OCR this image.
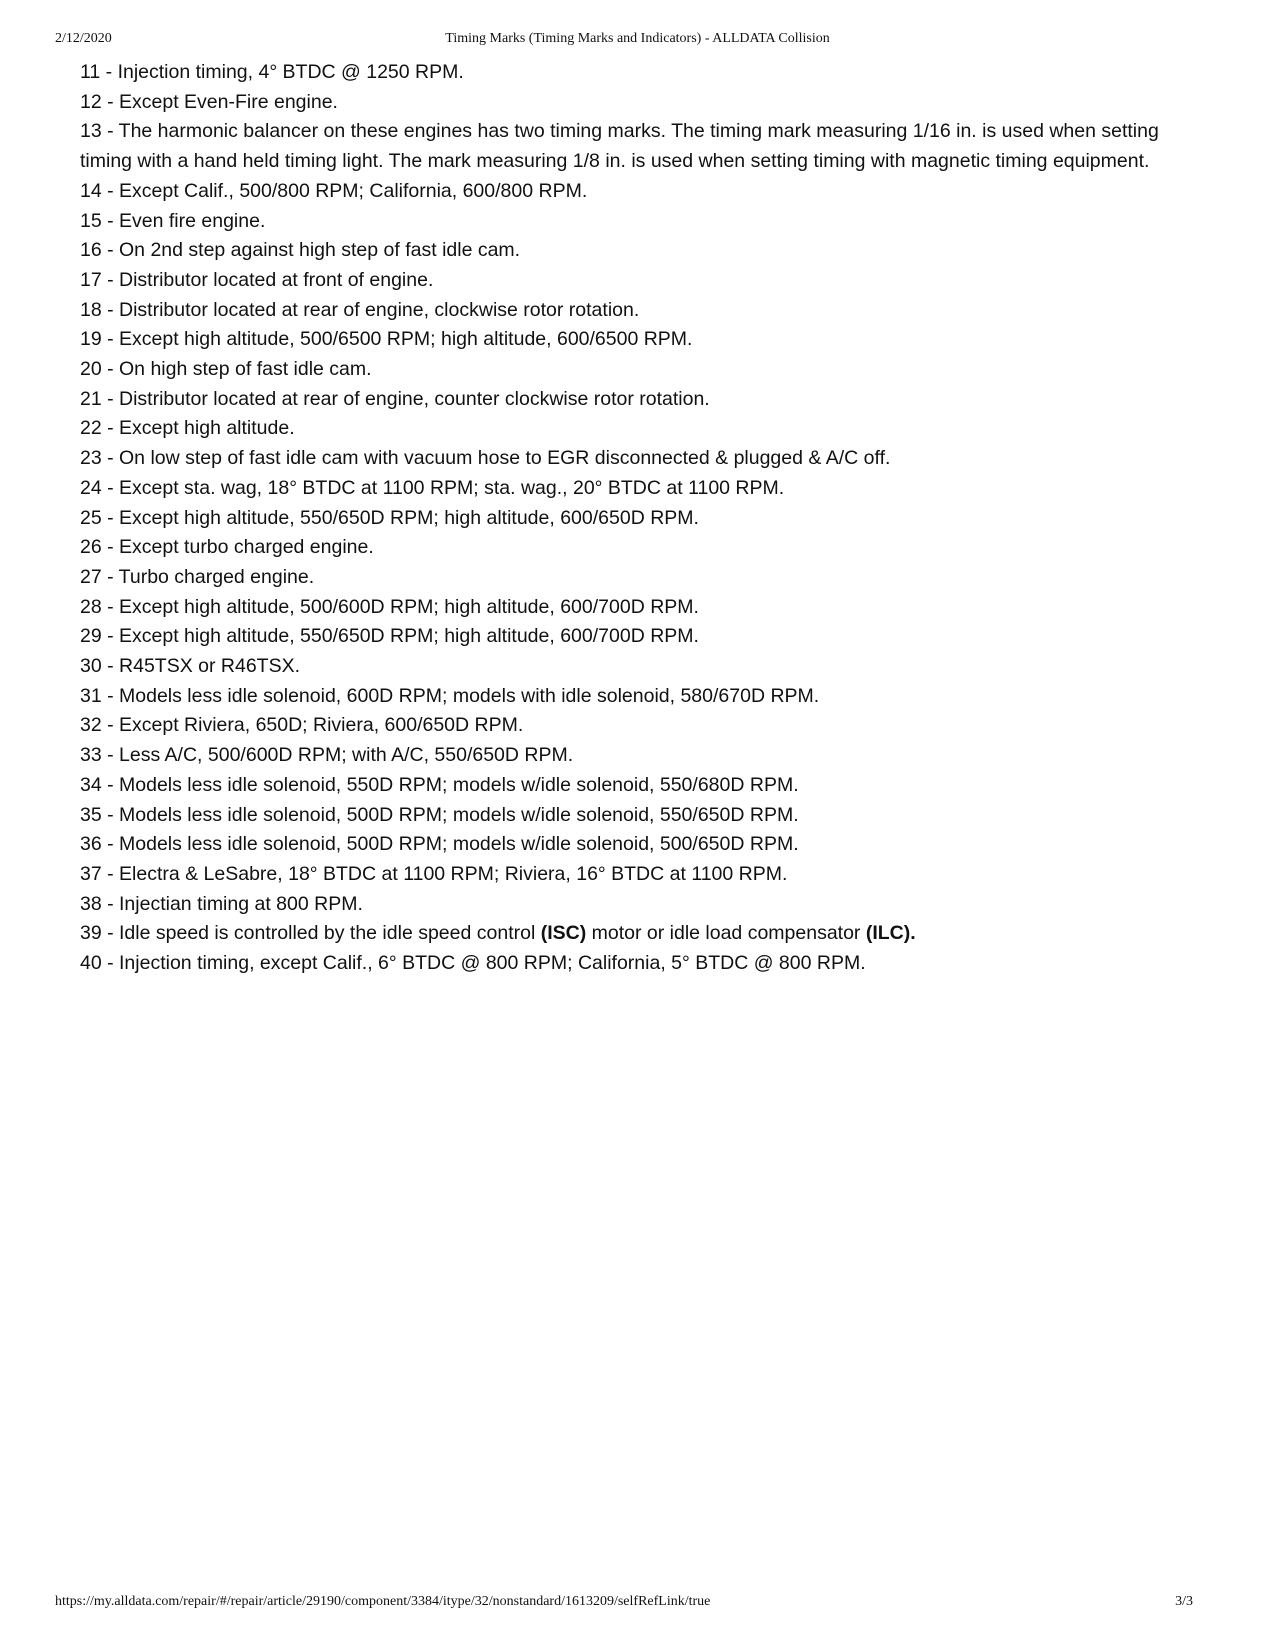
2/12/2020	Timing Marks (Timing Marks and Indicators) - ALLDATA Collision
11 - Injection timing, 4° BTDC @ 1250 RPM.
12 - Except Even-Fire engine.
13 - The harmonic balancer on these engines has two timing marks. The timing mark measuring 1/16 in. is used when setting timing with a hand held timing light. The mark measuring 1/8 in. is used when setting timing with magnetic timing equipment.
14 - Except Calif., 500/800 RPM; California, 600/800 RPM.
15 - Even fire engine.
16 - On 2nd step against high step of fast idle cam.
17 - Distributor located at front of engine.
18 - Distributor located at rear of engine, clockwise rotor rotation.
19 - Except high altitude, 500/6500 RPM; high altitude, 600/6500 RPM.
20 - On high step of fast idle cam.
21 - Distributor located at rear of engine, counter clockwise rotor rotation.
22 - Except high altitude.
23 - On low step of fast idle cam with vacuum hose to EGR disconnected & plugged & A/C off.
24 - Except sta. wag, 18° BTDC at 1100 RPM; sta. wag., 20° BTDC at 1100 RPM.
25 - Except high altitude, 550/650D RPM; high altitude, 600/650D RPM.
26 - Except turbo charged engine.
27 - Turbo charged engine.
28 - Except high altitude, 500/600D RPM; high altitude, 600/700D RPM.
29 - Except high altitude, 550/650D RPM; high altitude, 600/700D RPM.
30 - R45TSX or R46TSX.
31 - Models less idle solenoid, 600D RPM; models with idle solenoid, 580/670D RPM.
32 - Except Riviera, 650D; Riviera, 600/650D RPM.
33 - Less A/C, 500/600D RPM; with A/C, 550/650D RPM.
34 - Models less idle solenoid, 550D RPM; models w/idle solenoid, 550/680D RPM.
35 - Models less idle solenoid, 500D RPM; models w/idle solenoid, 550/650D RPM.
36 - Models less idle solenoid, 500D RPM; models w/idle solenoid, 500/650D RPM.
37 - Electra & LeSabre, 18° BTDC at 1100 RPM; Riviera, 16° BTDC at 1100 RPM.
38 - Injectian timing at 800 RPM.
39 - Idle speed is controlled by the idle speed control (ISC) motor or idle load compensator (ILC).
40 - Injection timing, except Calif., 6° BTDC @ 800 RPM; California, 5° BTDC @ 800 RPM.
https://my.alldata.com/repair/#/repair/article/29190/component/3384/itype/32/nonstandard/1613209/selfRefLink/true	3/3
